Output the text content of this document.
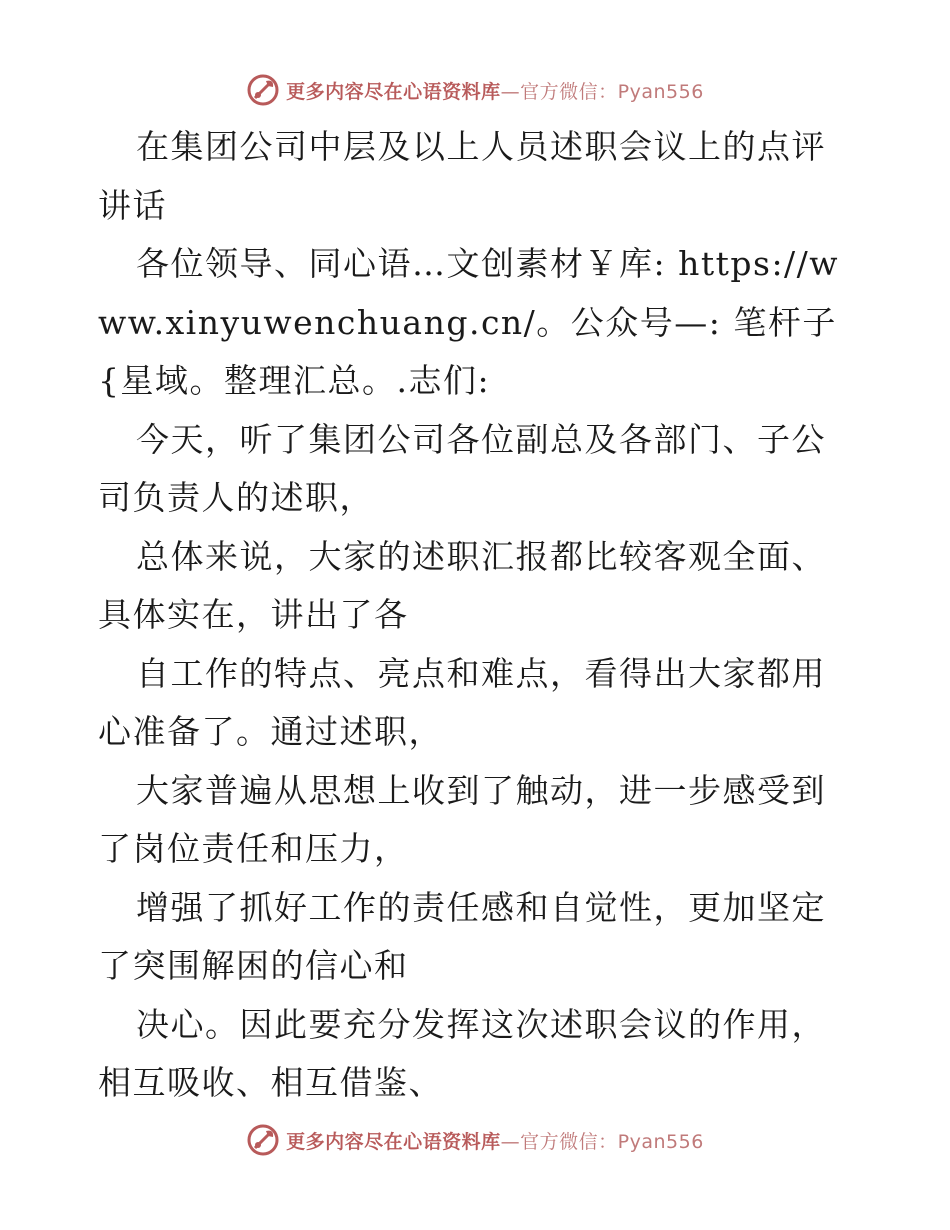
更多内容尽在心语资料库—官方微信：Pyan556

在集团公司中层及以上人员述职会议上的点评讲话

各位领导、同心语…文创素材￥库: https://www.xinyuwenchuang.cn/。公众号—: 笔杆子{星域。整理汇总。.志们:

今天，听了集团公司各位副总及各部门、子公司负责人的述职，

总体来说，大家的述职汇报都比较客观全面、具体实在，讲出了各

自工作的特点、亮点和难点，看得出大家都用心准备了。通过述职，

大家普遍从思想上收到了触动，进一步感受到了岗位责任和压力，

增强了抓好工作的责任感和自觉性，更加坚定了突围解困的信心和

决心。因此要充分发挥这次述职会议的作用，相互吸收、相互借鉴、

更多内容尽在心语资料库—官方微信：Pyan556
